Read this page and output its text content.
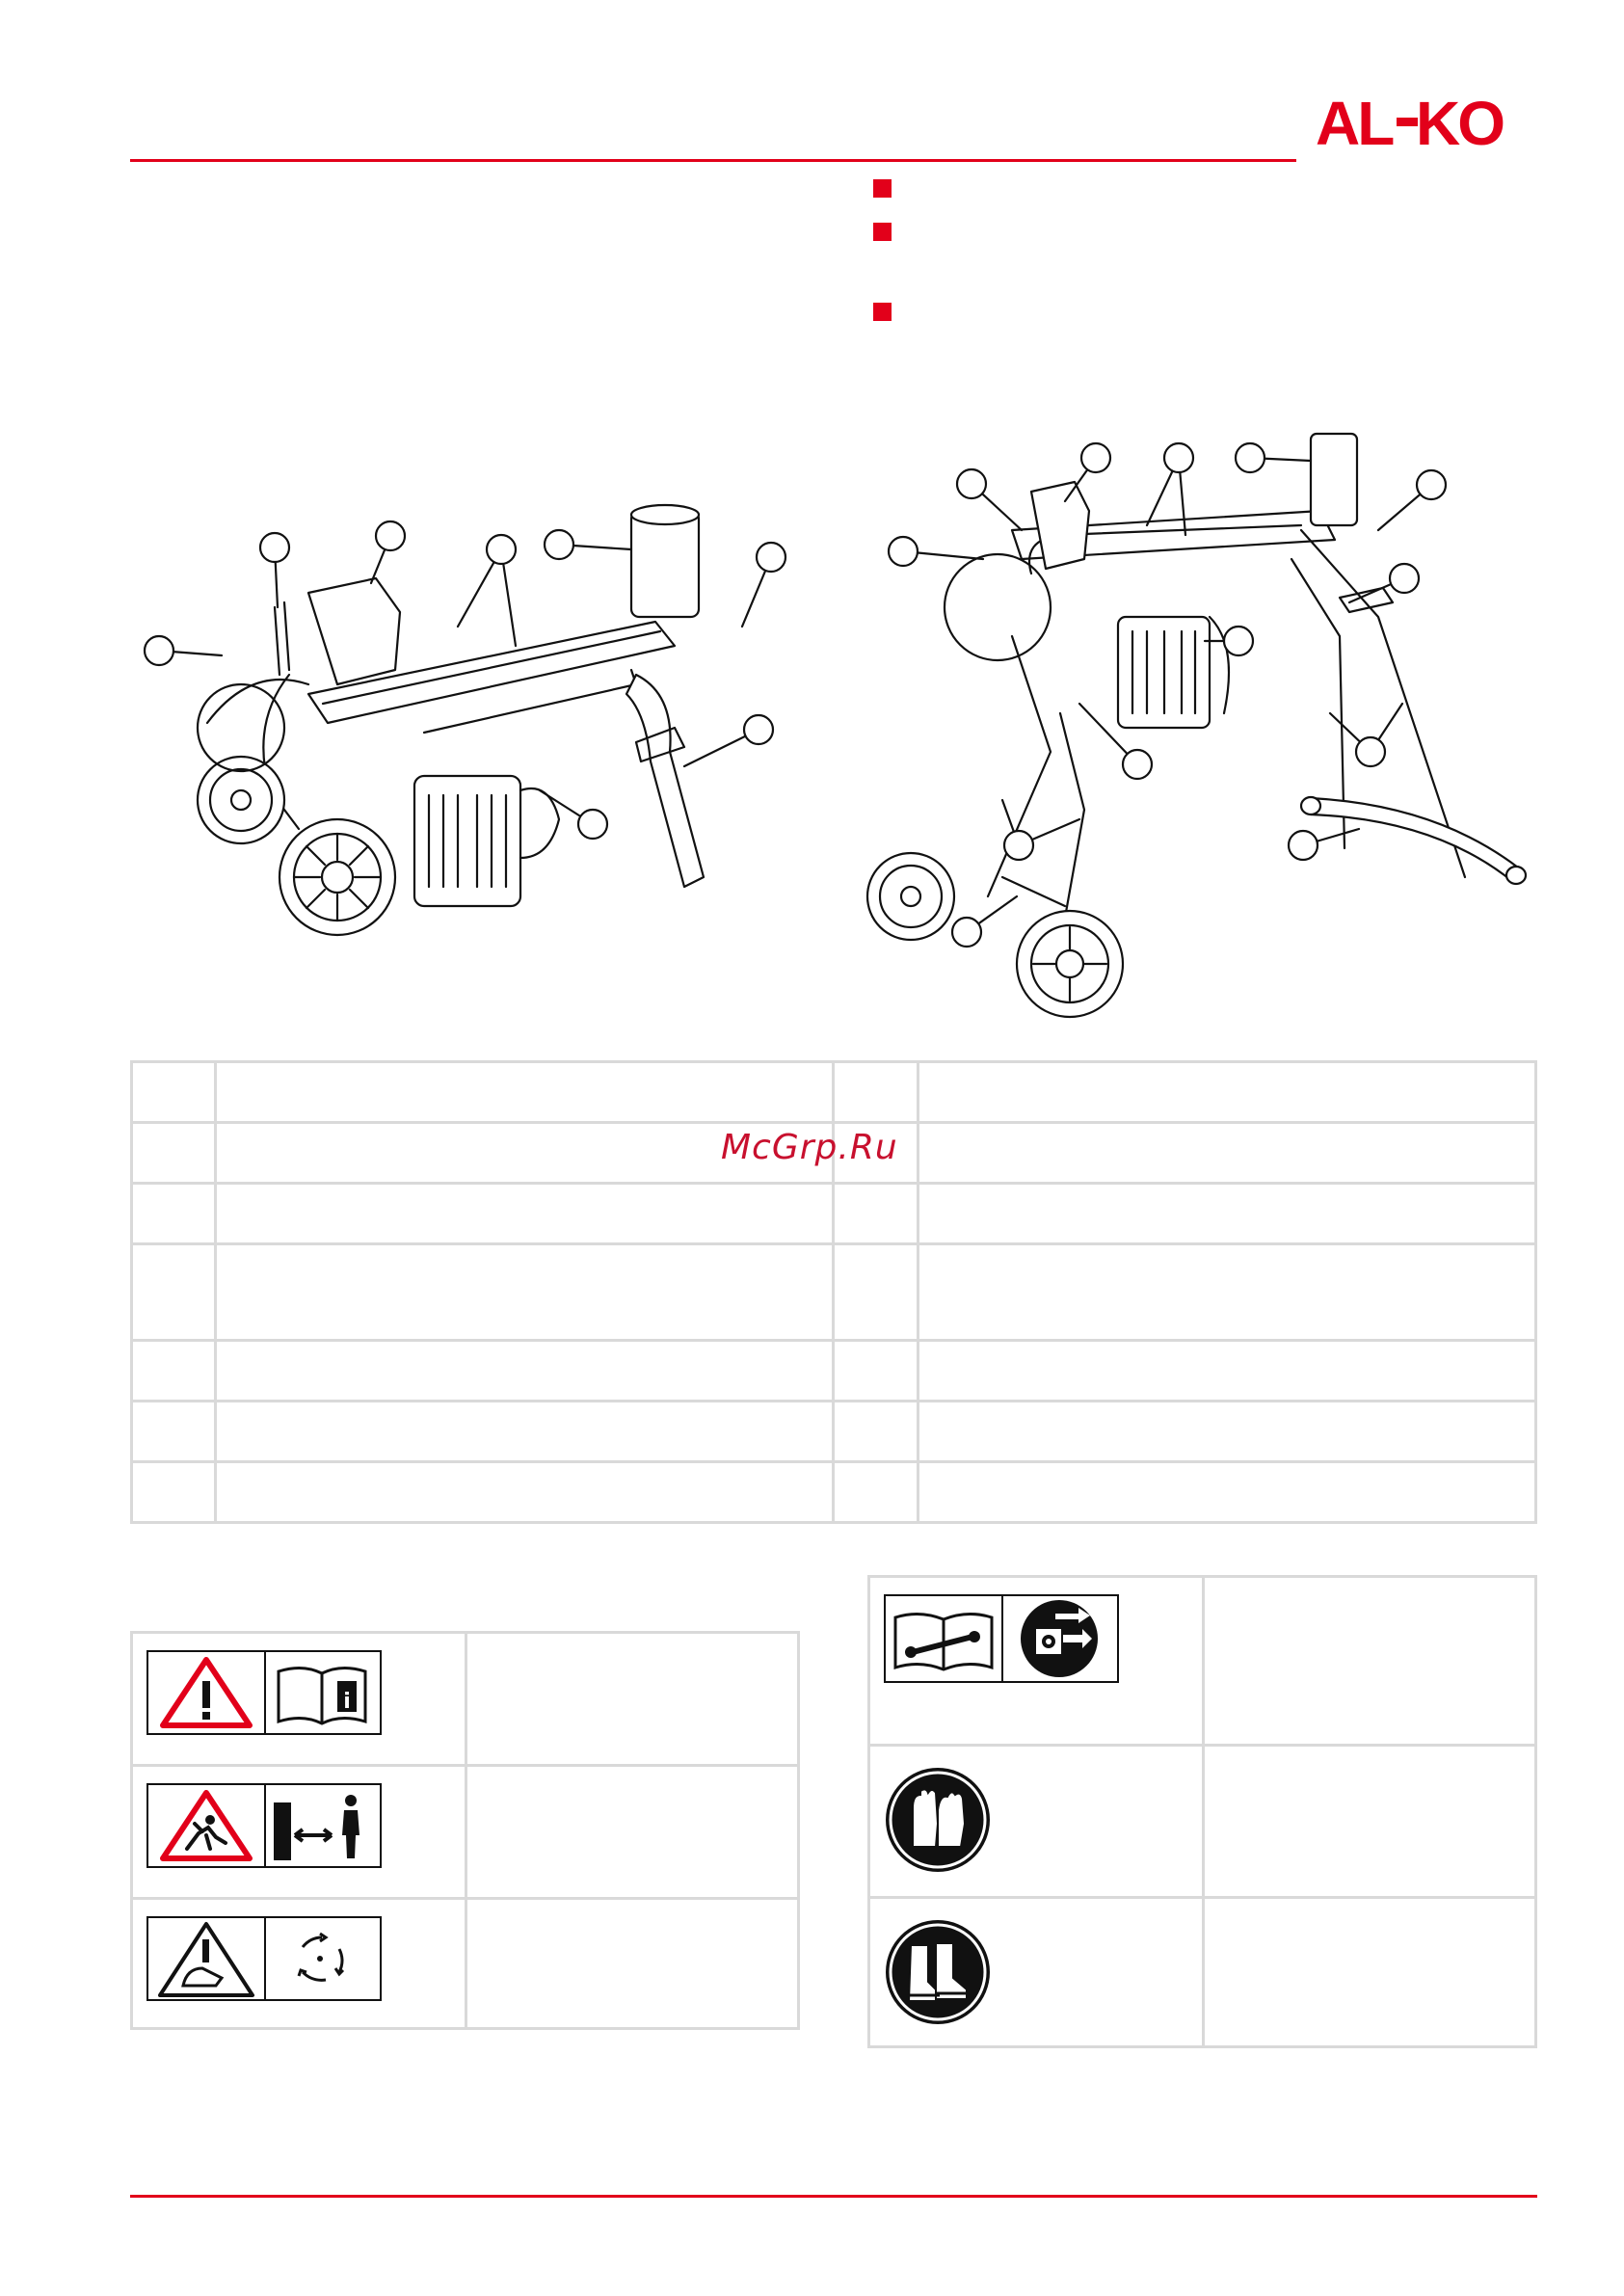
AL KO

McGrp.Ru
i
